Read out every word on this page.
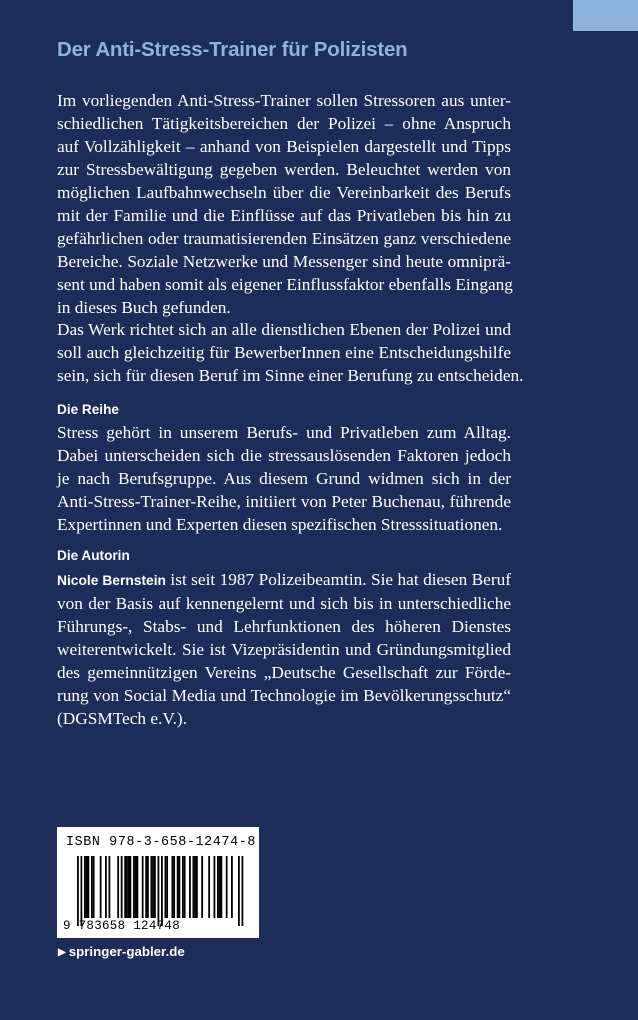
Der Anti-Stress-Trainer für Polizisten
Im vorliegenden Anti-Stress-Trainer sollen Stressoren aus unter-
schiedlichen Tätigkeitsbereichen der Polizei – ohne Anspruch
auf Vollzähligkeit – anhand von Beispielen dargestellt und Tipps
zur Stressbewältigung gegeben werden. Beleuchtet werden von
möglichen Laufbahnwechseln über die Vereinbarkeit des Berufs
mit der Familie und die Einflüsse auf das Privatleben bis hin zu
gefährlichen oder traumatisierenden Einsätzen ganz verschiedene
Bereiche. Soziale Netzwerke und Messenger sind heute omniprä-
sent und haben somit als eigener Einflussfaktor ebenfalls Eingang
in dieses Buch gefunden.
Das Werk richtet sich an alle dienstlichen Ebenen der Polizei und
soll auch gleichzeitig für BewerberInnen eine Entscheidungshilfe
sein, sich für diesen Beruf im Sinne einer Berufung zu entscheiden.
Die Reihe
Stress gehört in unserem Berufs- und Privatleben zum Alltag.
Dabei unterscheiden sich die stressauslösenden Faktoren jedoch
je nach Berufsgruppe. Aus diesem Grund widmen sich in der
Anti-Stress-Trainer-Reihe, initiiert von Peter Buchenau, führende
Expertinnen und Experten diesen spezifischen Stresssituationen.
Die Autorin
Nicole Bernstein ist seit 1987 Polizeibeamtin. Sie hat diesen Beruf
von der Basis auf kennengelernt und sich bis in unterschiedliche
Führungs-, Stabs- und Lehrfunktionen des höheren Dienstes
weiterentwickelt. Sie ist Vizepräsidentin und Gründungsmitglied
des gemeinnützigen Vereins „Deutsche Gesellschaft zur Förde-
rung von Social Media und Technologie im Bevölkerungsschutz“
(DGSMTech e.V.).
ISBN 978-3-658-12474-8
9 783658 124748
▶ springer-gabler.de
